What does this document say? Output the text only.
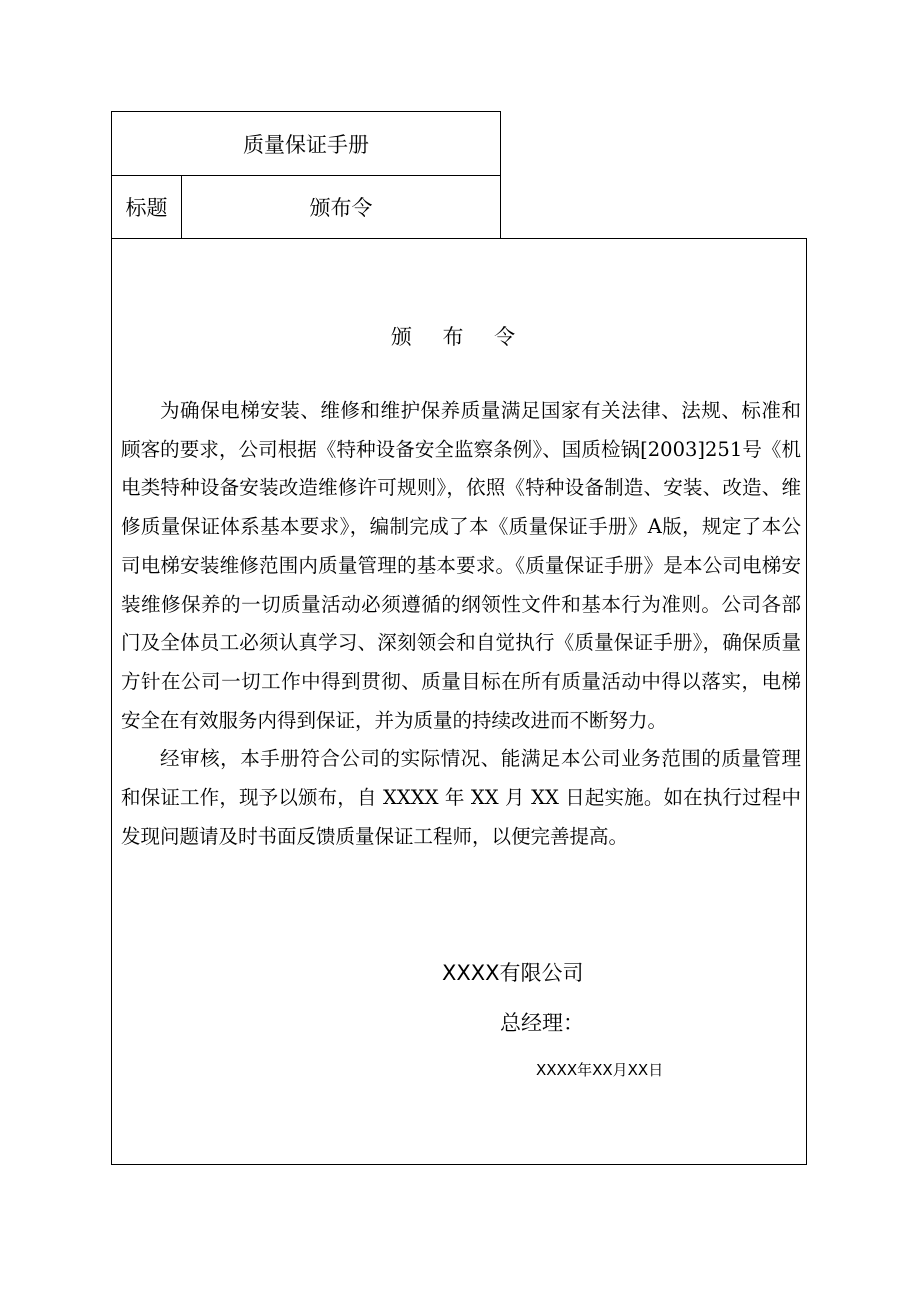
质量保证手册
标题	颁布令
颁 布 令

为确保电梯安装、维修和维护保养质量满足国家有关法律、法规、标准和顾客的要求，公司根据《特种设备安全监察条例》、国质检锅[2003]251号《机电类特种设备安装改造维修许可规则》，依照《特种设备制造、安装、改造、维修质量保证体系基本要求》，编制完成了本《质量保证手册》A版，规定了本公司电梯安装维修范围内质量管理的基本要求。《质量保证手册》是本公司电梯安装维修保养的一切质量活动必须遵循的纲领性文件和基本行为准则。公司各部门及全体员工必须认真学习、深刻领会和自觉执行《质量保证手册》，确保质量方针在公司一切工作中得到贯彻、质量目标在所有质量活动中得以落实，电梯安全在有效服务内得到保证，并为质量的持续改进而不断努力。

经审核，本手册符合公司的实际情况、能满足本公司业务范围的质量管理和保证工作，现予以颁布，自 XXXX 年 XX 月 XX 日起实施。如在执行过程中发现问题请及时书面反馈质量保证工程师，以便完善提高。

XXXX有限公司
总经理：
XXXX年XX月XX日
